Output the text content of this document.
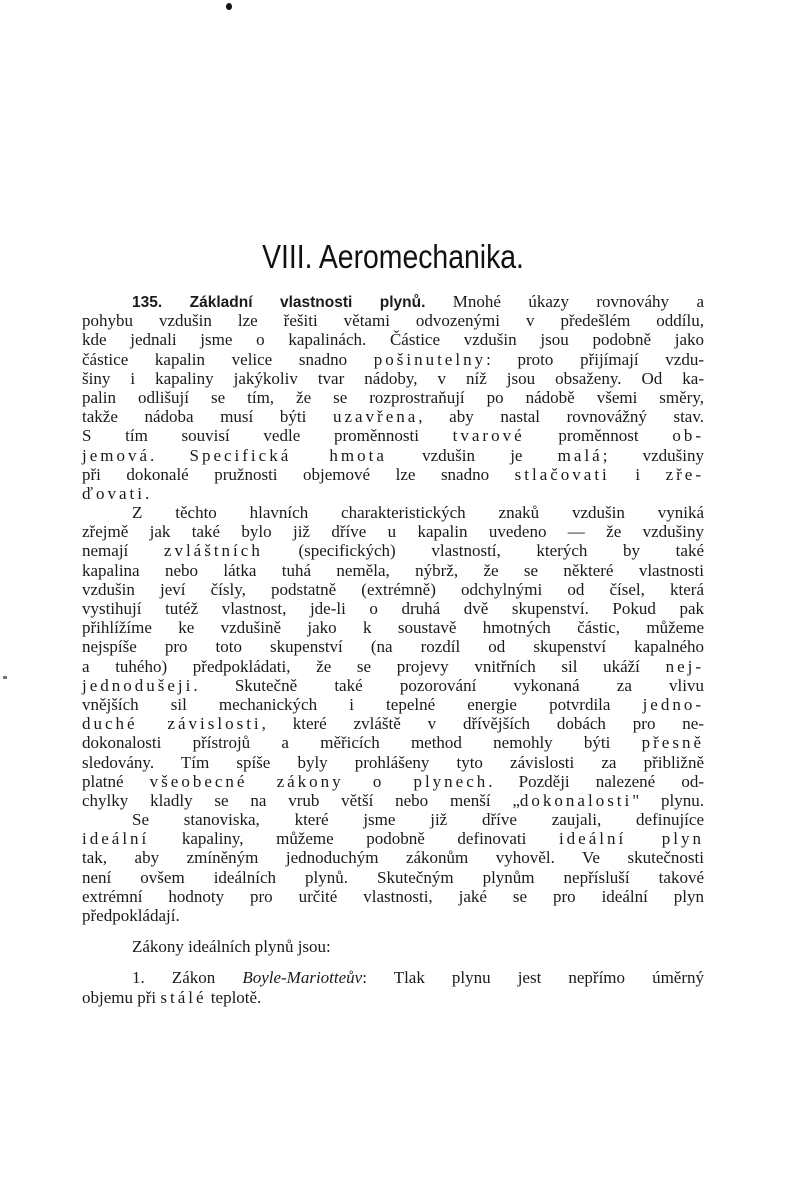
VIII. Aeromechanika.
135. Základní vlastnosti plynů. Mnohé úkazy rovnováhy a
pohybu vzdušin lze řešiti větami odvozenými v předešlém oddílu,
kde jednali jsme o kapalinách. Částice vzdušin jsou podobně jako
částice kapalin velice snadno pošinutelny: proto přijímají vzdu-
šiny i kapaliny jakýkoliv tvar nádoby, v níž jsou obsaženy. Od ka-
palin odlišují se tím, že se rozprostraňují po nádobě všemi směry,
takže nádoba musí býti uzavřena, aby nastal rovnovážný stav.
S tím souvisí vedle proměnnosti tvarové proměnnost ob-
jemová. Specifická hmota vzdušin je malá; vzdušiny
při dokonalé pružnosti objemové lze snadno stlačovati i zře-
ďovati.
Z těchto hlavních charakteristických znaků vzdušin vyniká
zřejmě jak také bylo již dříve u kapalin uvedeno — že vzdušiny
nemají zvláštních (specifických) vlastností, kterých by také
kapalina nebo látka tuhá neměla, nýbrž, že se některé vlastnosti
vzdušin jeví čísly, podstatně (extrémně) odchylnými od čísel, která
vystihují tutéž vlastnost, jde-li o druhá dvě skupenství. Pokud pak
přihlížíme ke vzdušině jako k soustavě hmotných částic, můžeme
nejspíše pro toto skupenství (na rozdíl od skupenství kapalného
a tuhého) předpokládati, že se projevy vnitřních sil ukáží nej-
jednodušeji. Skutečně také pozorování vykonaná za vlivu
vnějších sil mechanických i tepelné energie potvrdila jedno-
duché závislosti, které zvláště v dřívějších dobách pro ne-
dokonalosti přístrojů a měřicích method nemohly býti přesně
sledovány. Tím spíše byly prohlášeny tyto závislosti za přibližně
platné všeobecné zákony o plynech. Později nalezené od-
chylky kladly se na vrub větší nebo menší „dokonalosti" plynu.
Se stanoviska, které jsme již dříve zaujali, definujíce
ideální kapaliny, můžeme podobně definovati ideální plyn
tak, aby zmíněným jednoduchým zákonům vyhověl. Ve skutečnosti
není ovšem ideálních plynů. Skutečným plynům nepřísluší takové
extrémní hodnoty pro určité vlastnosti, jaké se pro ideální plyn
předpokládají.
Zákony ideálních plynů jsou:
1. Zákon Boyle-Mariotteův: Tlak plynu jest nepřímo úměrný
objemu při stálé teplotě.
